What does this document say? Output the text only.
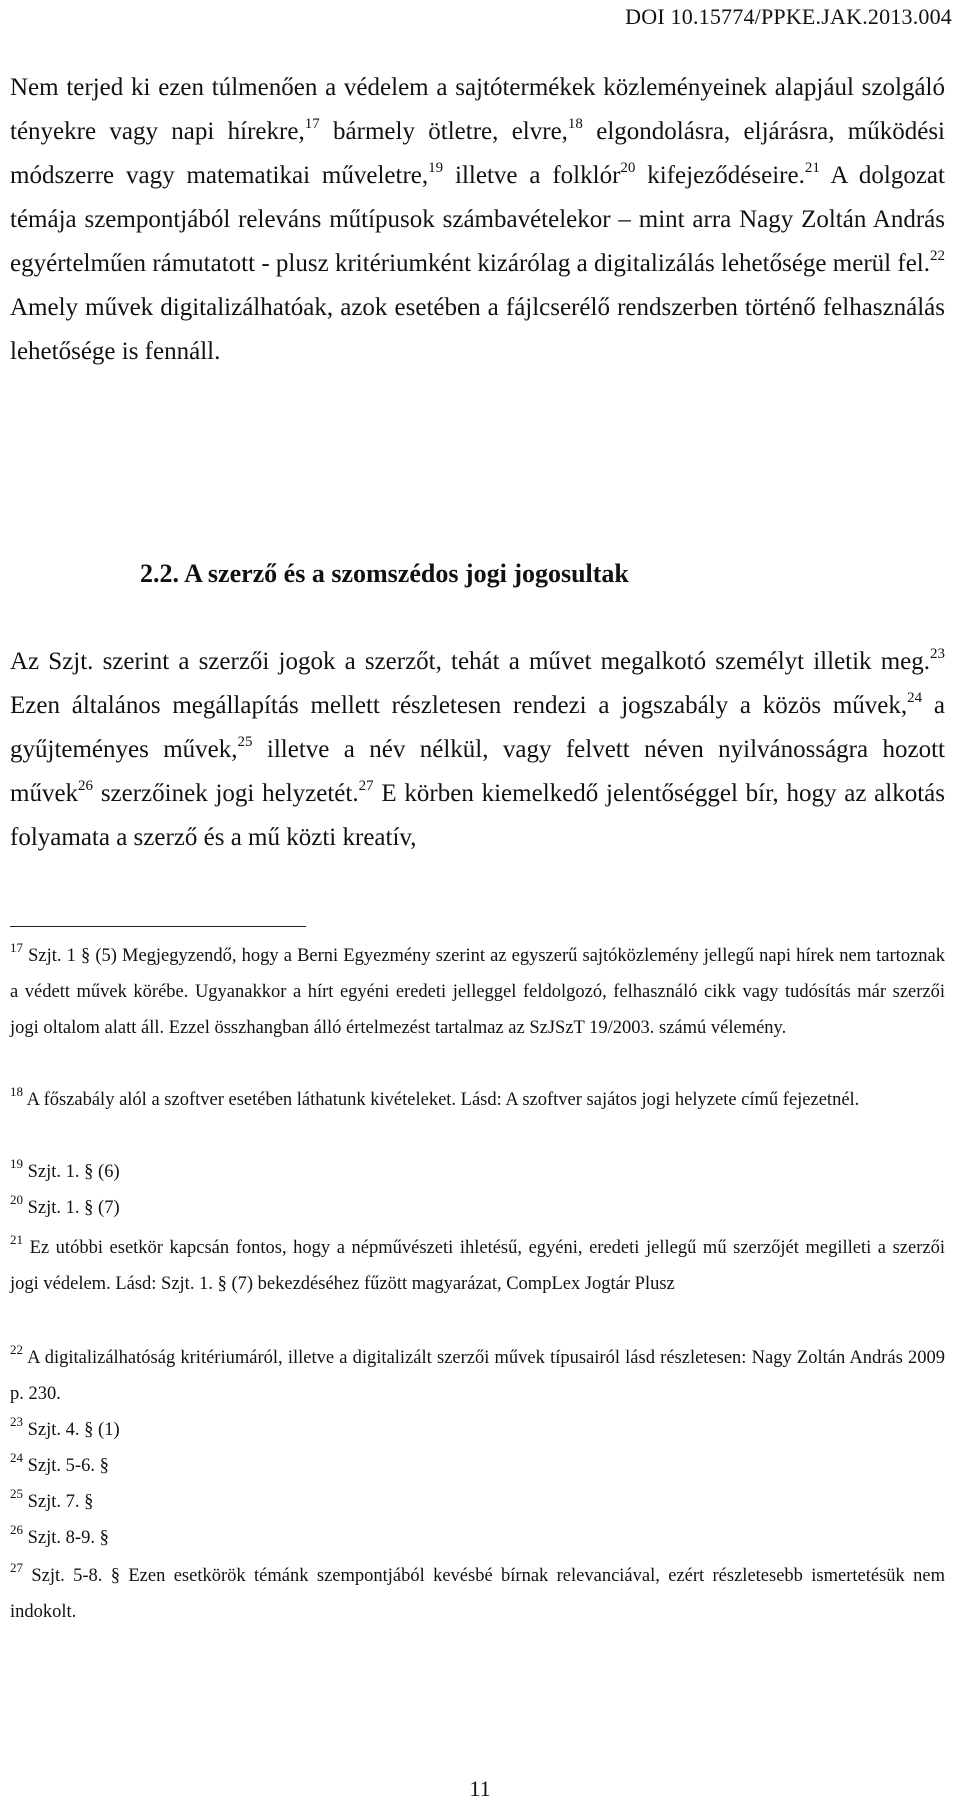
DOI 10.15774/PPKE.JAK.2013.004

Nem terjed ki ezen túlmenően a védelem a sajtótermékek közleményeinek alapjául szolgáló tényekre vagy napi hírekre,$^{17}$ bármely ötletre, elvre,$^{18}$ elgondolásra, eljárásra, működési módszerre vagy matematikai műveletre,$^{19}$ illetve a folklór$^{20}$ kifejeződéseire.$^{21}$ A dolgozat témája szempontjából releváns műtípusok számbavételekor – mint arra Nagy Zoltán András egyértelműen rámutatott - plusz kritériumként kizárólag a digitalizálás lehetősége merül fel.$^{22}$ Amely művek digitalizálhatóak, azok esetében a fájlcserélő rendszerben történő felhasználás lehetősége is fennáll.

2.2. A szerző és a szomszédos jogi jogosultak

Az Szjt. szerint a szerzői jogok a szerzőt, tehát a művet megalkotó személyt illetik meg.$^{23}$ Ezen általános megállapítás mellett részletesen rendezi a jogszabály a közös művek,$^{24}$ a gyűjteményes művek,$^{25}$ illetve a név nélkül, vagy felvett néven nyilvánosságra hozott művek$^{26}$ szerzőinek jogi helyzetét.$^{27}$ E körben kiemelkedő jelentőséggel bír, hogy az alkotás folyamata a szerző és a mű közti kreatív,

$^{17}$ Szjt. 1 § (5) Megjegyzendő, hogy a Berni Egyezmény szerint az egyszerű sajtóközlemény jellegű napi hírek nem tartoznak a védett művek körébe. Ugyanakkor a hírt egyéni eredeti jelleggel feldolgozó, felhasználó cikk vagy tudósítás már szerzői jogi oltalom alatt áll. Ezzel összhangban álló értelmezést tartalmaz az SzJSzT 19/2003. számú vélemény.

$^{18}$ A főszabály alól a szoftver esetében láthatunk kivételeket. Lásd: A szoftver sajátos jogi helyzete című fejezetnél.

$^{19}$ Szjt. 1. § (6)

$^{20}$ Szjt. 1. § (7)

$^{21}$ Ez utóbbi esetkör kapcsán fontos, hogy a népművészeti ihletésű, egyéni, eredeti jellegű mű szerzőjét megilleti a szerzői jogi védelem. Lásd: Szjt. 1. § (7) bekezdéséhez fűzött magyarázat, CompLex Jogtár Plusz

$^{22}$ A digitalizálhatóság kritériumáról, illetve a digitalizált szerzői művek típusairól lásd részletesen: Nagy Zoltán András 2009 p. 230.

$^{23}$ Szjt. 4. § (1)

$^{24}$ Szjt. 5-6. §

$^{25}$ Szjt. 7. §

$^{26}$ Szjt. 8-9. §

$^{27}$ Szjt. 5-8. § Ezen esetkörök témánk szempontjából kevésbé bírnak relevanciával, ezért részletesebb ismertetésük nem indokolt.

11
